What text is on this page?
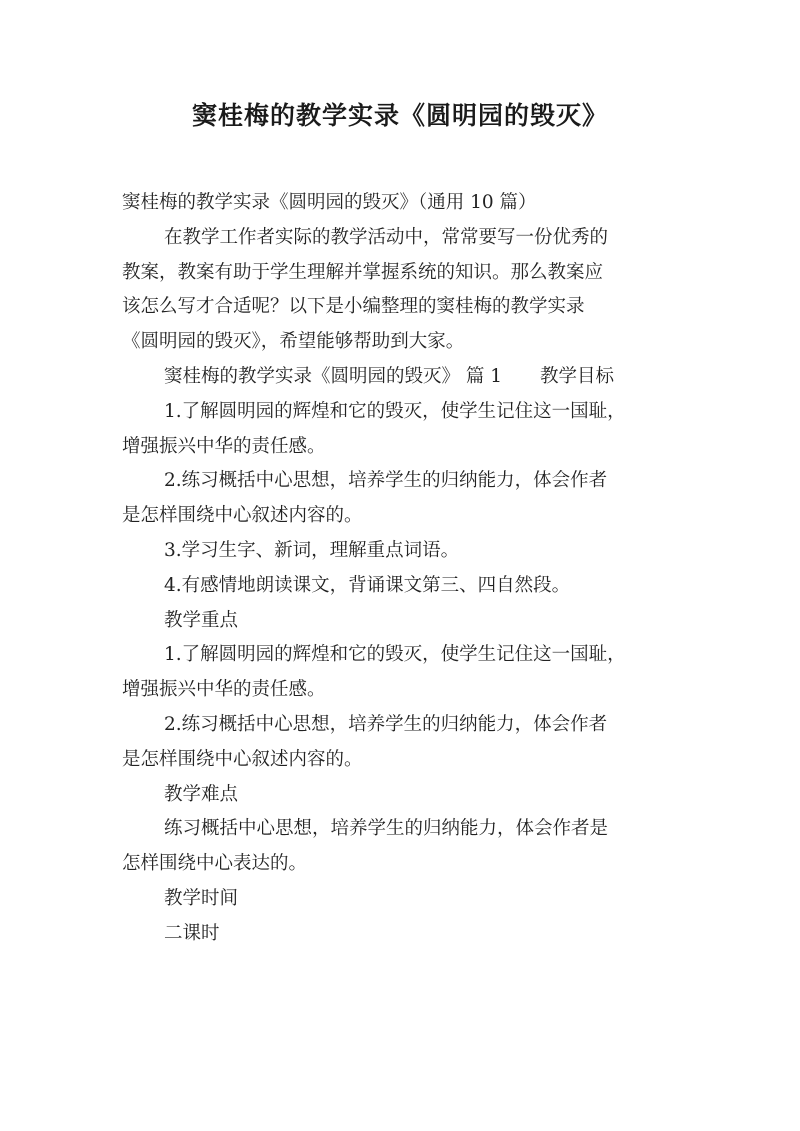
窦桂梅的教学实录《圆明园的毁灭》
窦桂梅的教学实录《圆明园的毁灭》（通用 10 篇）
在教学工作者实际的教学活动中，常常要写一份优秀的
教案，教案有助于学生理解并掌握系统的知识。那么教案应
该怎么写才合适呢？以下是小编整理的窦桂梅的教学实录
《圆明园的毁灭》，希望能够帮助到大家。
窦桂梅的教学实录《圆明园的毁灭》 篇 1 教学目标
1.了解圆明园的辉煌和它的毁灭，使学生记住这一国耻，
增强振兴中华的责任感。
2.练习概括中心思想，培养学生的归纳能力，体会作者
是怎样围绕中心叙述内容的。
3.学习生字、新词，理解重点词语。
4.有感情地朗读课文，背诵课文第三、四自然段。
教学重点
1.了解圆明园的辉煌和它的毁灭，使学生记住这一国耻，
增强振兴中华的责任感。
2.练习概括中心思想，培养学生的归纳能力，体会作者
是怎样围绕中心叙述内容的。
教学难点
练习概括中心思想，培养学生的归纳能力，体会作者是
怎样围绕中心表达的。
教学时间
二课时
